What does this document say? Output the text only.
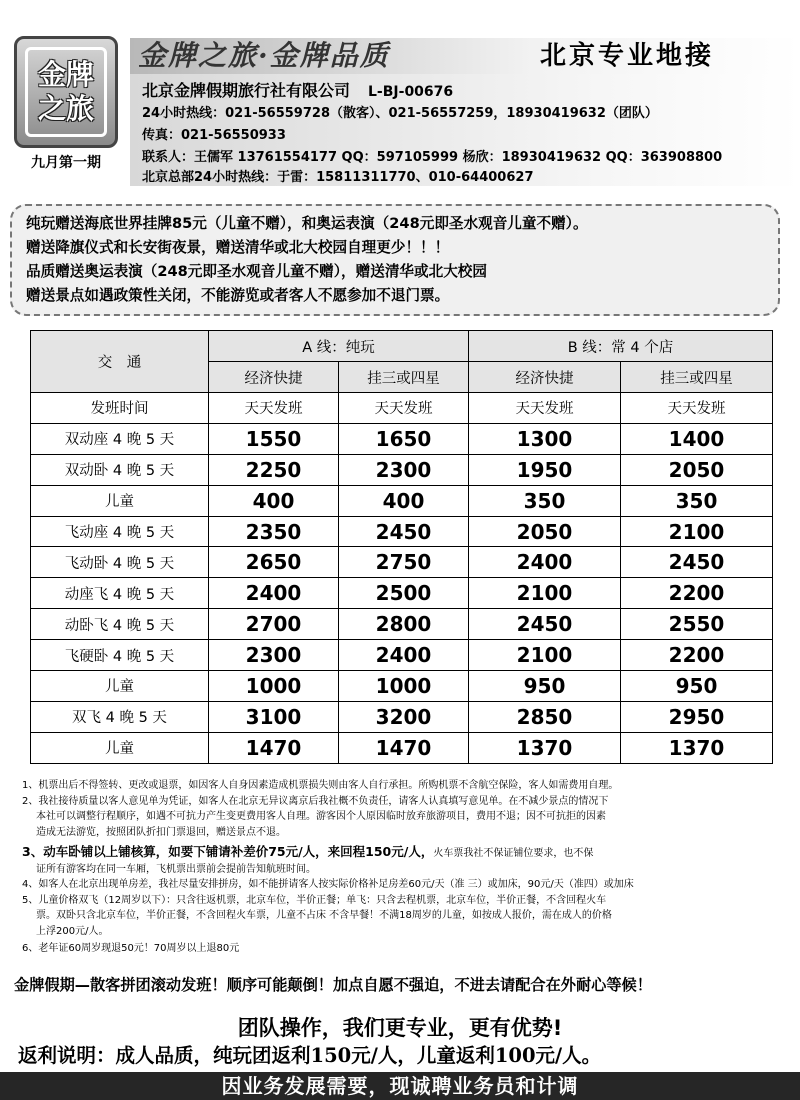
金牌
之旅
九月第一期
金牌之旅·金牌品质	北京专业地接
北京金牌假期旅行社有限公司 L-BJ-00676
24小时热线：021-56559728（散客）、021-56557259，18930419632（团队）
传真：021-56550933
联系人：王儒军 13761554177 QQ：597105999 杨欣：18930419632 QQ：363908800
北京总部24小时热线：于雷：15811311770、010-64400627
纯玩赠送海底世界挂牌85元（儿童不赠），和奥运表演（248元即圣水观音儿童不赠）。
赠送降旗仪式和长安街夜景，赠送清华或北大校园自理更少！！！
品质赠送奥运表演（248元即圣水观音儿童不赠），赠送清华或北大校园
赠送景点如遇政策性关闭，不能游览或者客人不愿参加不退门票。
交　通	A 线：纯玩		B 线：常 4 个店	
	经济快捷	挂三或四星	经济快捷	挂三或四星
发班时间	天天发班	天天发班	天天发班	天天发班
双动座 4 晚 5 天	1550	1650	1300	1400
双动卧 4 晚 5 天	2250	2300	1950	2050
儿童	400	400	350	350
飞动座 4 晚 5 天	2350	2450	2050	2100
飞动卧 4 晚 5 天	2650	2750	2400	2450
动座飞 4 晚 5 天	2400	2500	2100	2200
动卧飞 4 晚 5 天	2700	2800	2450	2550
飞硬卧 4 晚 5 天	2300	2400	2100	2200
儿童	1000	1000	950	950
双飞 4 晚 5 天	3100	3200	2850	2950
儿童	1470	1470	1370	1370
1、机票出后不得签转、更改或退票，如因客人自身因素造成机票损失则由客人自行承担。所购机票不含航空保险，客人如需费用自理。
2、我社接待质量以客人意见单为凭证，如客人在北京无异议离京后我社概不负责任，请客人认真填写意见单。在不减少景点的情况下
本社可以调整行程顺序，如遇不可抗力产生变更费用客人自理。游客因个人原因临时放弃旅游项目，费用不退；因不可抗拒的因素
造成无法游览，按照团队折扣门票退回，赠送景点不退。
3、动车卧铺以上铺核算，如要下铺请补差价75元/人，来回程150元/人，火车票我社不保证铺位要求，也不保
证所有游客均在同一车厢，飞机票出票前会提前告知航班时间。
4、如客人在北京出现单房差，我社尽量安排拼房，如不能拼请客人按实际价格补足房差60元/天（准 三）或加床，90元/天（准四）或加床
5、儿童价格双飞（12周岁以下）：只含往返机票，北京车位，半价正餐；单飞：只含去程机票，北京车位，半价正餐，不含回程火车
票。双卧只含北京车位，半价正餐，不含回程火车票，儿童不占床 不含早餐！不满18周岁的儿童，如按成人报价，需在成人的价格
上浮200元/人。
6、老年证60周岁现退50元！70周岁以上退80元
金牌假期—散客拼团滚动发班！顺序可能颠倒！加点自愿不强迫，不进去请配合在外耐心等候！
团队操作，我们更专业，更有优势!
返利说明：成人品质，纯玩团返利150元/人，儿童返利100元/人。
因业务发展需要，现诚聘业务员和计调
